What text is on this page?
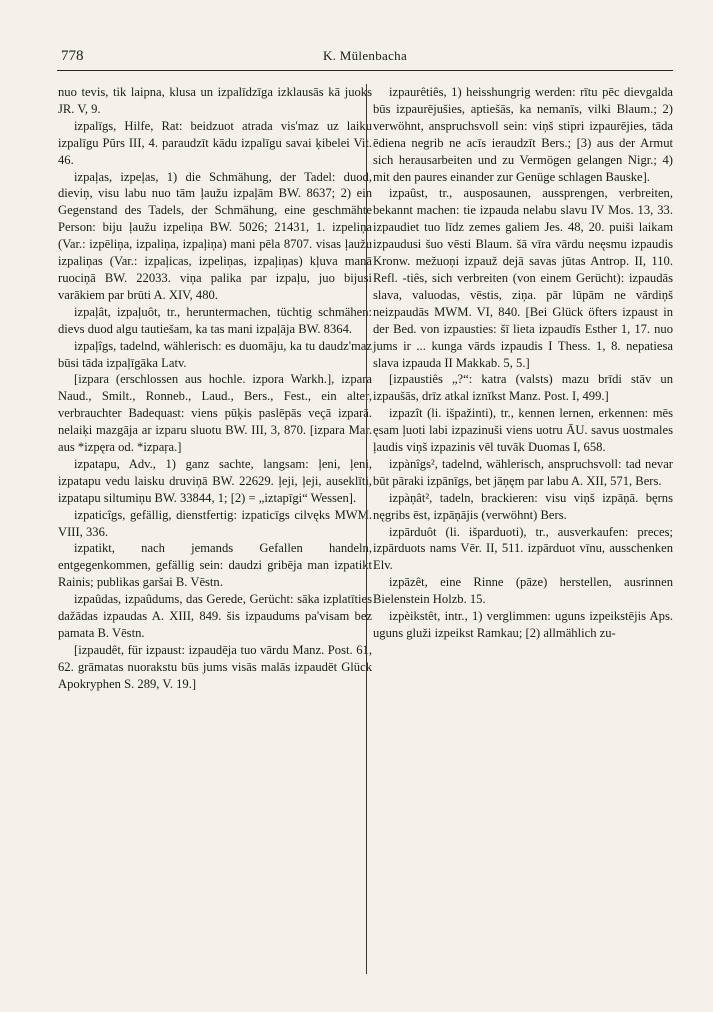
778	K. Mülenbacha

nuo tevis, tik laipna, klusa un izpalīdzīga izklausās kā juoks JR. V, 9.

izpalīgs, Hilfe, Rat: beidzuot atrada vis'maz uz laiku izpalīgu Pūrs III, 4. paraudzīt kādu izpalīgu savai ķibelei Vit. 46.

izpaļas, izpeļas, 1) die Schmähung, der Tadel: duod, dieviņ, visu labu nuo tām ļaužu izpaļām BW. 8637; 2) ein Gegenstand des Tadels, der Schmähung, eine geschmähte Person: biju ļaužu izpeliņa BW. 5026; 21431, 1. izpeliņa (Var.: izpēliņa, izpaliņa, izpaļiņa) mani pēla 8707. visas ļaužu izpaliņas (Var.: izpaļicas, izpeliņas, izpaļiņas) kļuva manā ruociņā BW. 22033. viņa palika par izpaļu, juo bijusi varākiem par brūti A. XIV, 480.

izpaļât, izpaļuôt, tr., heruntermachen, tüchtig schmähen: dievs duod algu tautiešam, ka tas mani izpaļāja BW. 8364.

izpaļîgs, tadelnd, wählerisch: es duomāju, ka tu daudz'maz būsi tāda izpaļīgāka Latv.

[izpara (erschlossen aus hochle. izpora Warkh.], izpara Naud., Smilt., Ronneb., Laud., Bers., Fest., ein alter, verbrauchter Badequast: viens pūķis paslēpās veçā izparā. nelaiķi mazgāja ar izparu sluotu BW. III, 3, 870. [izpara Mar. aus *izpęra od. *izpaŗa.]

izpatapu, Adv., 1) ganz sachte, langsam: ļeni, ļeni, izpatapu vedu laisku druviņā BW. 22629. ļeji, ļeji, auseklīti, izpatapu siltumiņu BW. 33844, 1; [2) = „iztapīgi“ Wessen].

izpaticîgs, gefällig, dienstfertig: izpaticīgs cilvęks MWM. VIII, 336.

izpatikt, nach jemands Gefallen handeln, entgegenkommen, gefällig sein: daudzi gribēja man izpatikt Rainis; publikas garšai B. Vēstn.

izpaûdas, izpaûdums, das Gerede, Gerücht: sāka izplatīties dažādas izpaudas A. XIII, 849. šis izpaudums pa'visam bez pamata B. Vēstn.

[izpaudêt, für izpaust: izpaudēja tuo vārdu Manz. Post. 61, 62. grāmatas nuorakstu būs jums visās malās izpaudēt Glück Apokryphen S. 289, V. 19.]

izpaurêtiês, 1) heisshungrig werden: rītu pēc dievgalda būs izpaurējušies, aptiešās, ka nemanīs, vilki Blaum.; 2) verwöhnt, anspruchsvoll sein: viņš stipri izpaurējies, tāda ēdiena negrib ne acīs ieraudzīt Bers.; [3) aus der Armut sich herausarbeiten und zu Vermögen gelangen Nigr.; 4) mit den paures einander zur Genüge schlagen Bauske].

izpaûst, tr., ausposaunen, aussprengen, verbreiten, bekannt machen: tie izpauda nelabu slavu IV Mos. 13, 33. izpaudiet tuo līdz zemes galiem Jes. 48, 20. puiši laikam izpaudusi šuo vēsti Blaum. šā vīra vārdu neęsmu izpaudis Kronw. mežuoņi izpauž dejā savas jūtas Antrop. II, 110. Refl. -tiês, sich verbreiten (von einem Gerücht): izpaudās slava, valuodas, vēstis, ziņa. pār lūpām ne vārdiņš neizpaudās MWM. VI, 840. [Bei Glück öfters izpaust in der Bed. von izpausties: šī lieta izpaudīs Esther 1, 17. nuo jums ir ... kunga vārds izpaudis I Thess. 1, 8. nepatiesa slava izpauda II Makkab. 5, 5.]

[izpaustiês „?“: katra (valsts) mazu brīdi stāv un izpaušās, drīz atkal iznīkst Manz. Post. I, 499.]

izpazît (li. išpažinti), tr., kennen lernen, erkennen: mēs ęsam ļuoti labi izpazinuši viens uotru ĀU. savus uostmales ļaudis viņš izpazinis vēl tuvāk Duomas I, 658.

izpànîgs², tadelnd, wählerisch, anspruchsvoll: tad nevar būt pāraki izpānīgs, bet jāņęm par labu A. XII, 571, Bers.

izpàņât², tadeln, brackieren: visu viņš izpāņā. bęrns nęgribs ēst, izpāņājis (verwöhnt) Bers.

izpārduôt (li. išparduoti), tr., ausverkaufen: preces; izpārduots nams Vēr. II, 511. izpārduot vīnu, ausschenken Elv.

izpāzêt, eine Rinne (pāze) herstellen, ausrinnen Bielenstein Holzb. 15.

izpèikstêt, intr., 1) verglimmen: uguns izpeikstējis Aps. uguns gluži izpeikst Ramkau; [2) allmählich zu-
